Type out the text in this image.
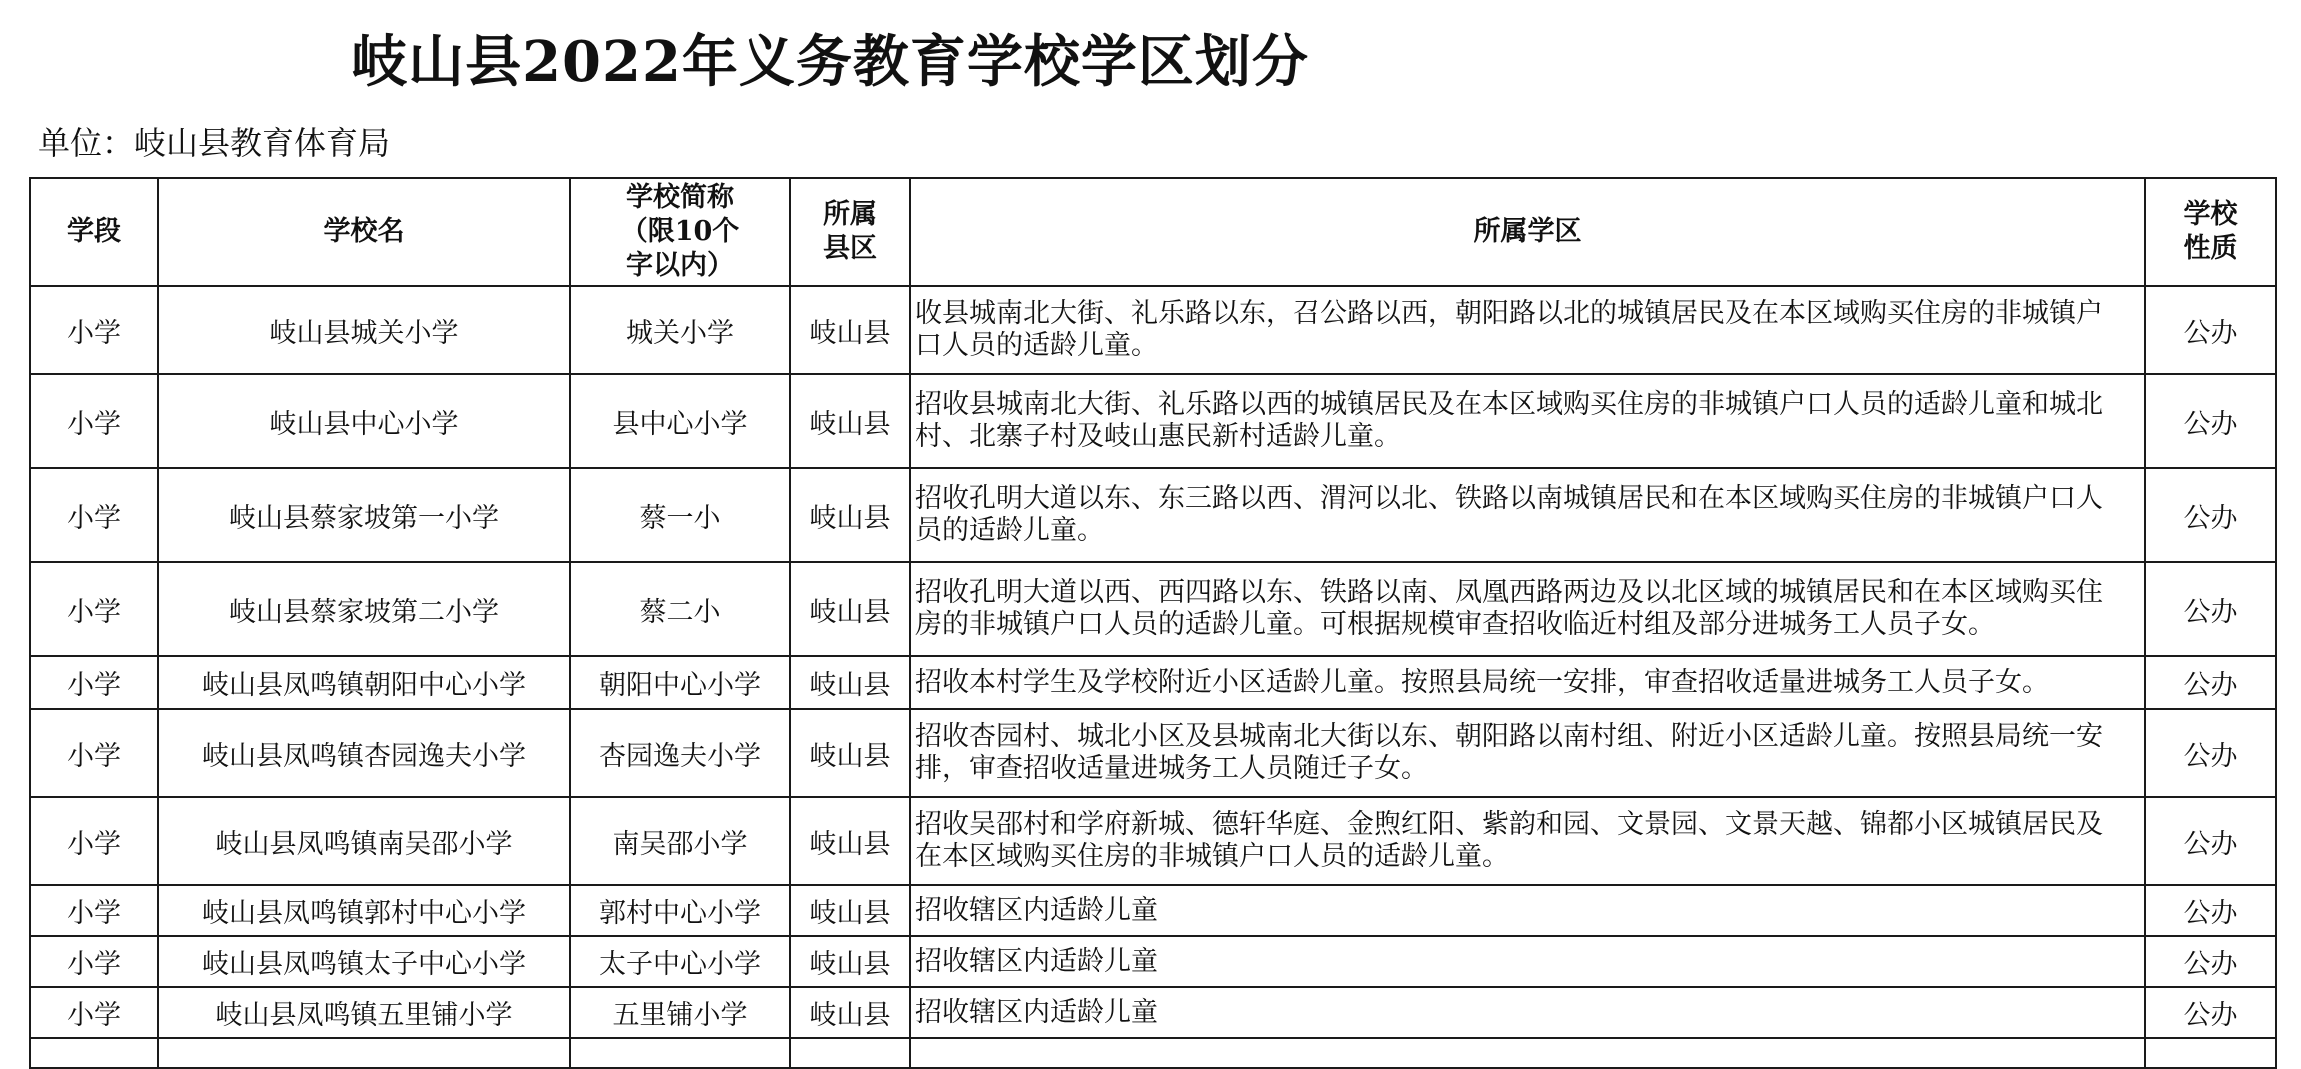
岐山县2022年义务教育学校学区划分
单位：岐山县教育体育局
学段	学校名	学校简称（限10个字以内）	所属县区	所属学区	学校性质
小学	岐山县城关小学	城关小学	岐山县	收县城南北大街、礼乐路以东，召公路以西，朝阳路以北的城镇居民及在本区域购买住房的非城镇户口人员的适龄儿童。	公办
小学	岐山县中心小学	县中心小学	岐山县	招收县城南北大街、礼乐路以西的城镇居民及在本区域购买住房的非城镇户口人员的适龄儿童和城北村、北寨子村及岐山惠民新村适龄儿童。	公办
小学	岐山县蔡家坡第一小学	蔡一小	岐山县	招收孔明大道以东、东三路以西、渭河以北、铁路以南城镇居民和在本区域购买住房的非城镇户口人员的适龄儿童。	公办
小学	岐山县蔡家坡第二小学	蔡二小	岐山县	招收孔明大道以西、西四路以东、铁路以南、凤凰西路两边及以北区域的城镇居民和在本区域购买住房的非城镇户口人员的适龄儿童。可根据规模审查招收临近村组及部分进城务工人员子女。	公办
小学	岐山县凤鸣镇朝阳中心小学	朝阳中心小学	岐山县	招收本村学生及学校附近小区适龄儿童。按照县局统一安排，审查招收适量进城务工人员子女。	公办
小学	岐山县凤鸣镇杏园逸夫小学	杏园逸夫小学	岐山县	招收杏园村、城北小区及县城南北大街以东、朝阳路以南村组、附近小区适龄儿童。按照县局统一安排，审查招收适量进城务工人员随迁子女。	公办
小学	岐山县凤鸣镇南吴邵小学	南吴邵小学	岐山县	招收吴邵村和学府新城、德轩华庭、金煦红阳、紫韵和园、文景园、文景天越、锦都小区城镇居民及在本区域购买住房的非城镇户口人员的适龄儿童。	公办
小学	岐山县凤鸣镇郭村中心小学	郭村中心小学	岐山县	招收辖区内适龄儿童	公办
小学	岐山县凤鸣镇太子中心小学	太子中心小学	岐山县	招收辖区内适龄儿童	公办
小学	岐山县凤鸣镇五里铺小学	五里铺小学	岐山县	招收辖区内适龄儿童	公办
